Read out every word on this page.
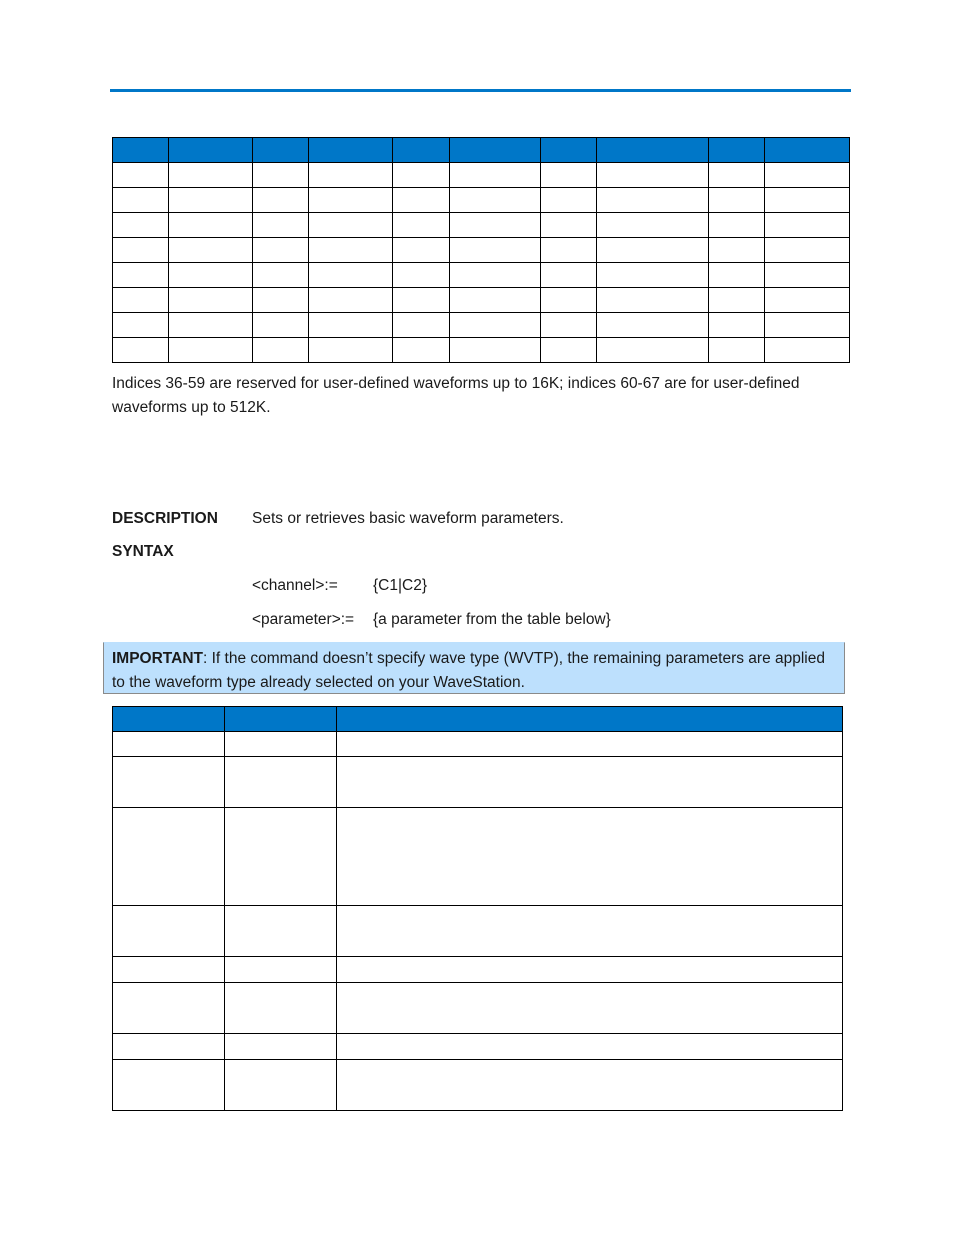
Indices 36-59 are reserved for user-defined waveforms up to 16K; indices 60-67 are for user-defined waveforms up to 512K.

DESCRIPTION Sets or retrieves basic waveform parameters.
SYNTAX
<channel>:= {C1|C2}
<parameter>:= {a parameter from the table below}
IMPORTANT: If the command doesn’t specify wave type (WVTP), the remaining parameters are applied to the waveform type already selected on your WaveStation.
